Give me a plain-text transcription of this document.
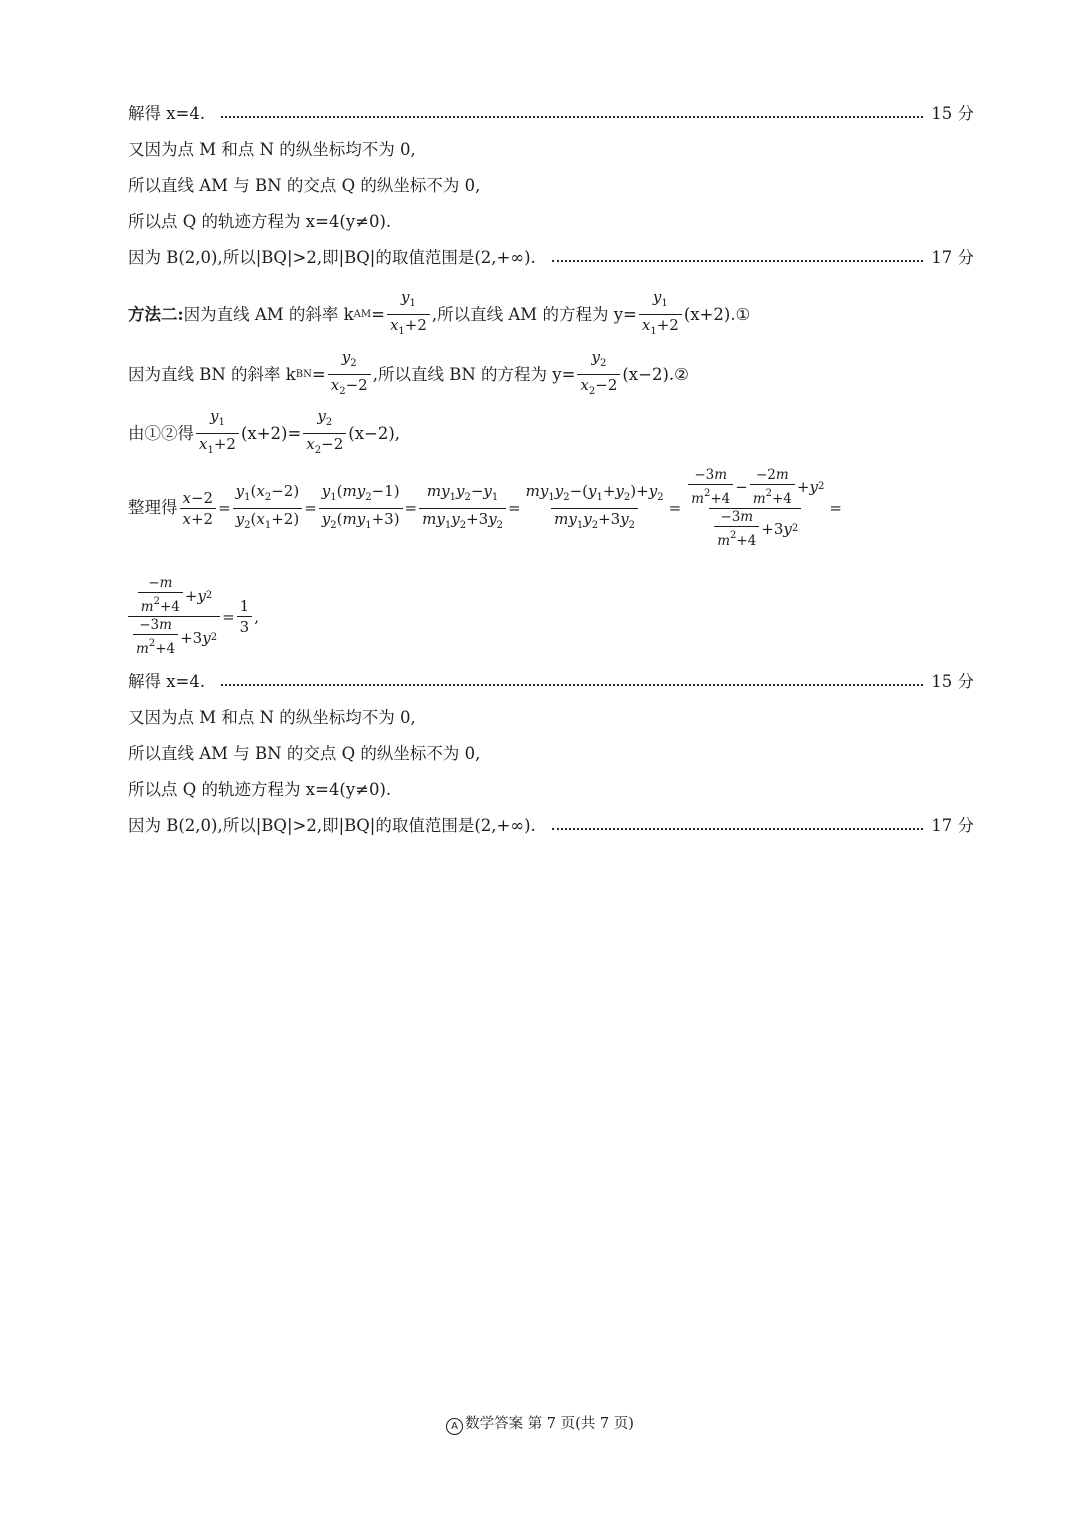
解得 x=4.	15 分
又因为点 M 和点 N 的纵坐标均不为 0,
所以直线 AM 与 BN 的交点 Q 的纵坐标不为 0,
所以点 Q 的轨迹方程为 x=4(y≠0).
因为 B(2,0),所以|BQ|>2,即|BQ|的取值范围是(2,+∞).	17 分
方法二: 因为直线 AM 的斜率 k AM = $\frac{y_1}{x_1+2}$ ,所以直线 AM 的方程为 $y= \frac{y_1}{x_1+2}$ (x+2).①
因为直线 BN 的斜率 k BN = $\frac{y_2}{x_2-2}$ ,所以直线 BN 的方程为 $y= \frac{y_2}{x_2-2}$ (x−2).②
由①②得 $\frac{y_1}{x_1+2} (x+2)= \frac{y_2}{x_2-2} (x-2)$,
整理得 $\frac{x-2}{x+2} = \frac{y_1(x_2-2)}{y_2(x_1+2)} = \frac{y_1(my_2-1)}{y_2(my_1+3)} = \frac{my_1y_2-y_1}{my_1y_2+3y_2} = \frac{my_1y_2-(y_1+y_2)+y_2}{my_1y_2+3y_2} = \frac{\frac{-3m}{m^2+4} - \frac{-2m}{m^2+4} + y 2}{\frac{-3m}{m^2+4} +3 y 2}$ =
$\frac{\frac{-m}{m^2+4} + y 2}{\frac{-3m}{m^2+4} +3 y 2} = \frac{1}{3}$ ,
解得 x=4.	15 分
又因为点 M 和点 N 的纵坐标均不为 0,
所以直线 AM 与 BN 的交点 Q 的纵坐标不为 0,
所以点 Q 的轨迹方程为 x=4(y≠0).
因为 B(2,0),所以|BQ|>2,即|BQ|的取值范围是(2,+∞).	17 分
A 数学答案 第 7 页(共 7 页)
